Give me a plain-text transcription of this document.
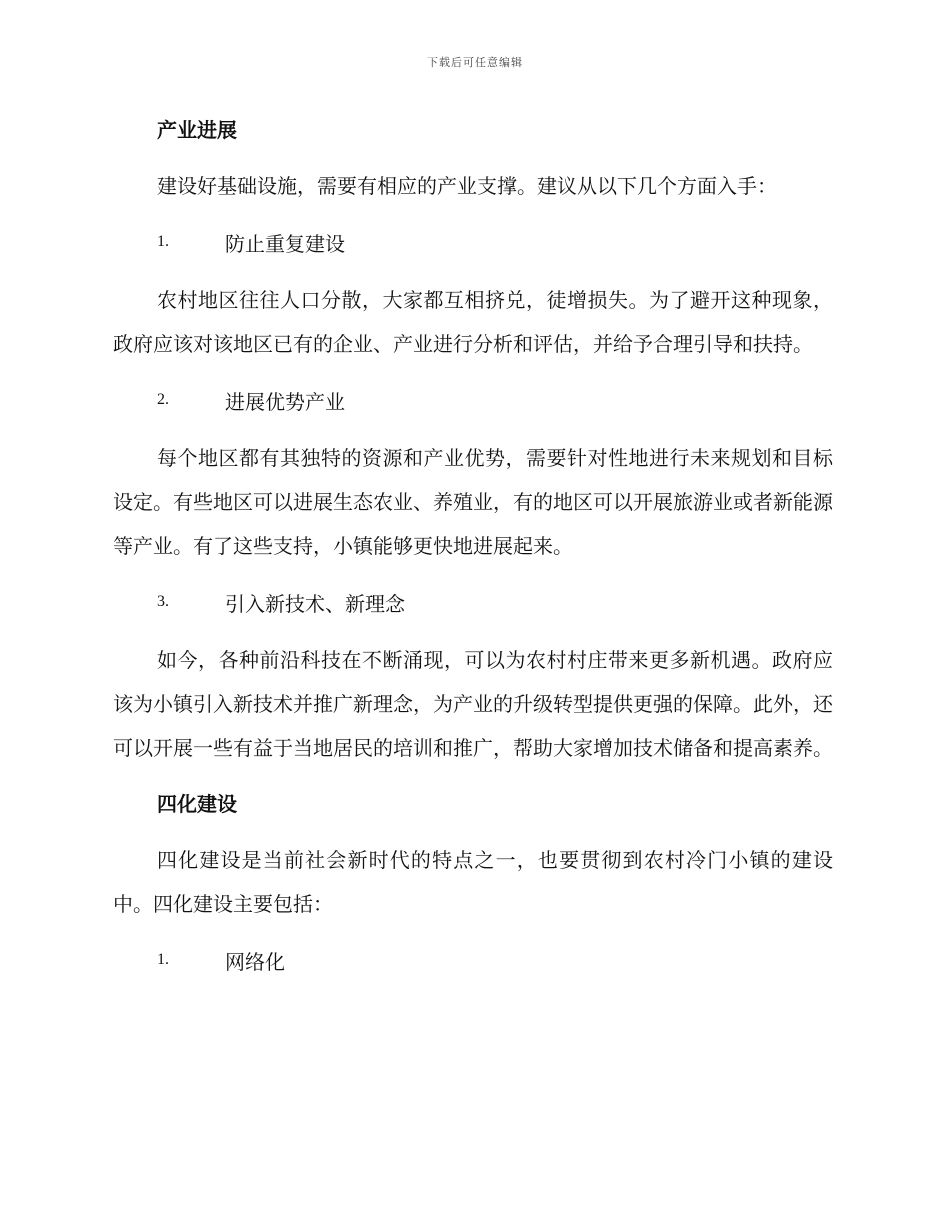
下载后可任意编辑
产业进展

建设好基础设施，需要有相应的产业支撑。建议从以下几个方面入手：

1.	防止重复建设

农村地区往往人口分散，大家都互相挤兑，徒增损失。为了避开这种现象，政府应该对该地区已有的企业、产业进行分析和评估，并给予合理引导和扶持。

2.	进展优势产业

每个地区都有其独特的资源和产业优势，需要针对性地进行未来规划和目标设定。有些地区可以进展生态农业、养殖业，有的地区可以开展旅游业或者新能源等产业。有了这些支持，小镇能够更快地进展起来。

3.	引入新技术、新理念

如今，各种前沿科技在不断涌现，可以为农村村庄带来更多新机遇。政府应该为小镇引入新技术并推广新理念，为产业的升级转型提供更强的保障。此外，还可以开展一些有益于当地居民的培训和推广，帮助大家增加技术储备和提高素养。

四化建设

四化建设是当前社会新时代的特点之一，也要贯彻到农村冷门小镇的建设中。四化建设主要包括：

1.	网络化
